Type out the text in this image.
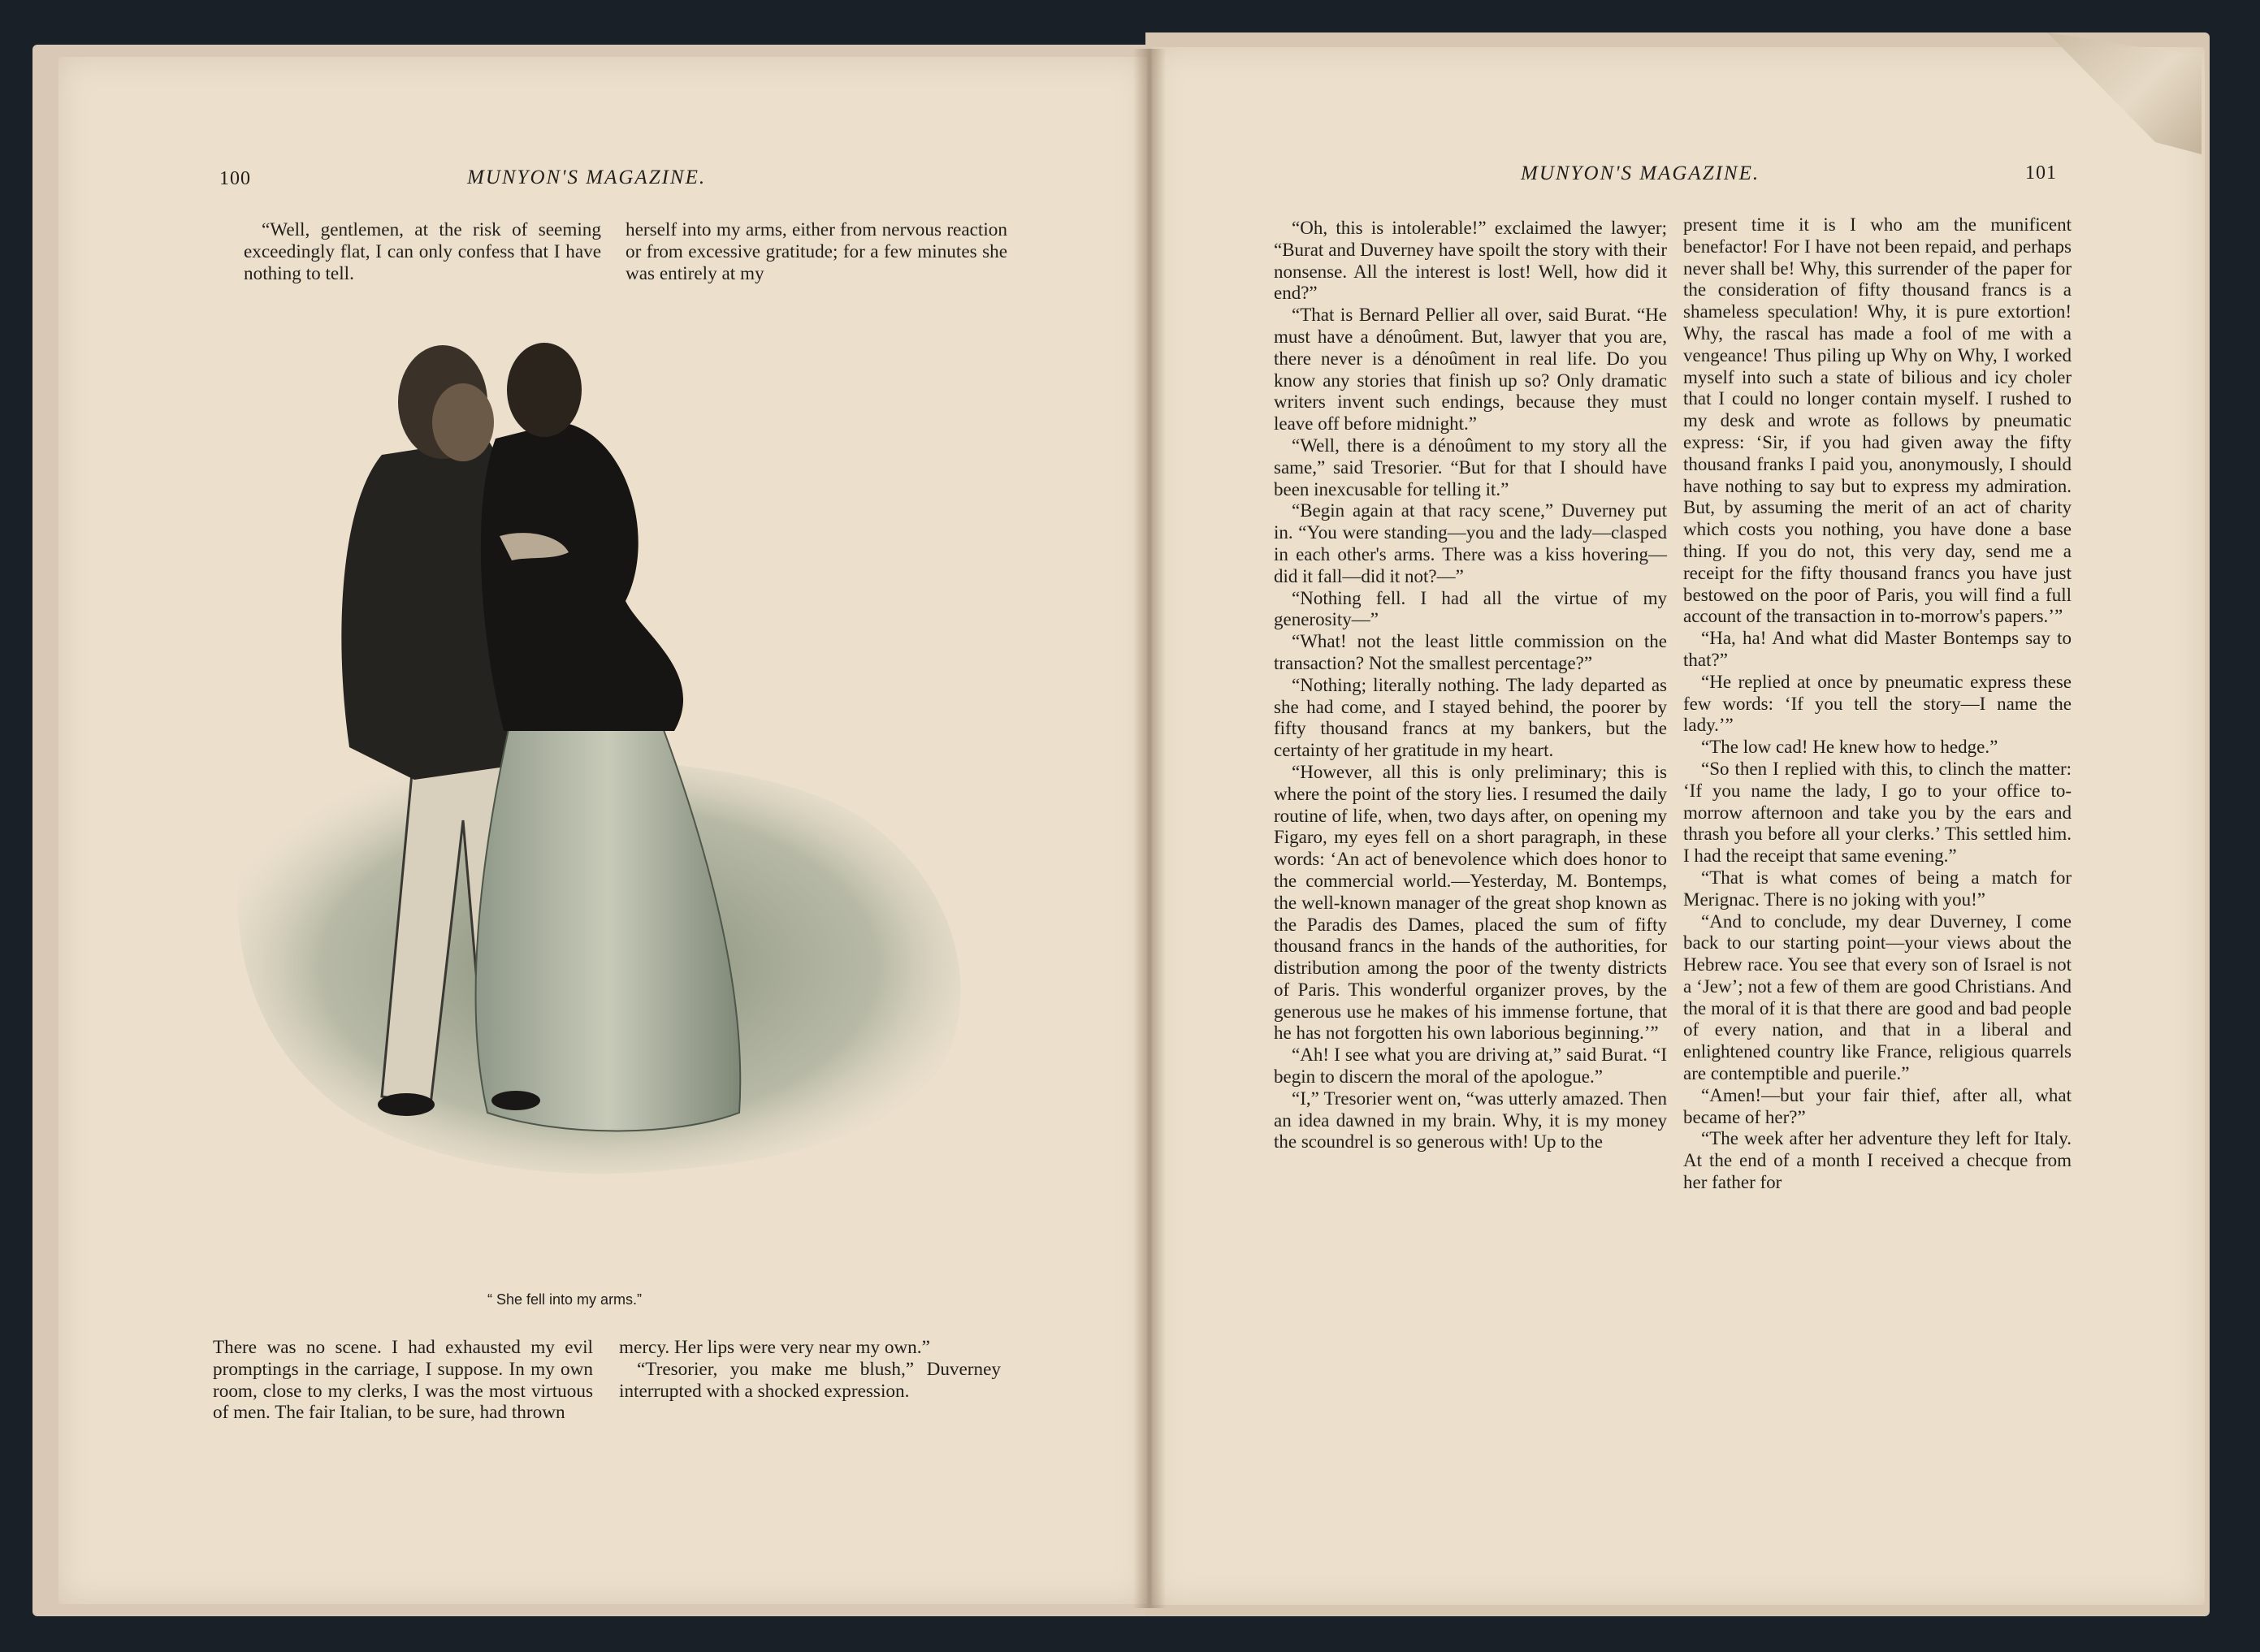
100	MUNYON'S MAGAZINE.

“Well, gentlemen, at the risk of seeming exceedingly flat, I can only confess that I have nothing to tell.

herself into my arms, either from nervous reaction or from excessive gratitude; for a few minutes she was entirely at my

“ She fell into my arms.”

There was no scene. I had exhausted my evil promptings in the carriage, I suppose. In my own room, close to my clerks, I was the most virtuous of men. The fair Italian, to be sure, had thrown

mercy. Her lips were very near my own.”

“Tresorier, you make me blush,” Duverney interrupted with a shocked expression.

MUNYON'S MAGAZINE.	101

“Oh, this is intolerable!” exclaimed the lawyer; “Burat and Duverney have spoilt the story with their nonsense. All the interest is lost! Well, how did it end?”

“That is Bernard Pellier all over, said Burat. “He must have a dénoûment. But, lawyer that you are, there never is a dénoûment in real life. Do you know any stories that finish up so? Only dramatic writers invent such endings, because they must leave off before midnight.”

“Well, there is a dénoûment to my story all the same,” said Tresorier. “But for that I should have been inexcusable for telling it.”

“Begin again at that racy scene,” Duverney put in. “You were standing—you and the lady—clasped in each other's arms. There was a kiss hovering—did it fall—did it not?—”

“Nothing fell. I had all the virtue of my generosity—”

“What! not the least little commission on the transaction? Not the smallest percentage?”

“Nothing; literally nothing. The lady departed as she had come, and I stayed behind, the poorer by fifty thousand francs at my bankers, but the certainty of her gratitude in my heart.

“However, all this is only preliminary; this is where the point of the story lies. I resumed the daily routine of life, when, two days after, on opening my Figaro, my eyes fell on a short paragraph, in these words: ‘An act of benevolence which does honor to the commercial world.—Yesterday, M. Bontemps, the well-known manager of the great shop known as the Paradis des Dames, placed the sum of fifty thousand francs in the hands of the authorities, for distribution among the poor of the twenty districts of Paris. This wonderful organizer proves, by the generous use he makes of his immense fortune, that he has not forgotten his own laborious beginning.’”

“Ah! I see what you are driving at,” said Burat. “I begin to discern the moral of the apologue.”

“I,” Tresorier went on, “was utterly amazed. Then an idea dawned in my brain. Why, it is my money the scoundrel is so generous with! Up to the

present time it is I who am the munificent benefactor! For I have not been repaid, and perhaps never shall be! Why, this surrender of the paper for the consideration of fifty thousand francs is a shameless speculation! Why, it is pure extortion! Why, the rascal has made a fool of me with a vengeance! Thus piling up Why on Why, I worked myself into such a state of bilious and icy choler that I could no longer contain myself. I rushed to my desk and wrote as follows by pneumatic express: ‘Sir, if you had given away the fifty thousand franks I paid you, anonymously, I should have nothing to say but to express my admiration. But, by assuming the merit of an act of charity which costs you nothing, you have done a base thing. If you do not, this very day, send me a receipt for the fifty thousand francs you have just bestowed on the poor of Paris, you will find a full account of the transaction in to-morrow's papers.’”

“Ha, ha! And what did Master Bontemps say to that?”

“He replied at once by pneumatic express these few words: ‘If you tell the story—I name the lady.’”

“The low cad! He knew how to hedge.”

“So then I replied with this, to clinch the matter: ‘If you name the lady, I go to your office to-morrow afternoon and take you by the ears and thrash you before all your clerks.’ This settled him. I had the receipt that same evening.”

“That is what comes of being a match for Merignac. There is no joking with you!”

“And to conclude, my dear Duverney, I come back to our starting point—your views about the Hebrew race. You see that every son of Israel is not a ‘Jew’; not a few of them are good Christians. And the moral of it is that there are good and bad people of every nation, and that in a liberal and enlightened country like France, religious quarrels are contemptible and puerile.”

“Amen!—but your fair thief, after all, what became of her?”

“The week after her adventure they left for Italy. At the end of a month I received a checque from her father for
